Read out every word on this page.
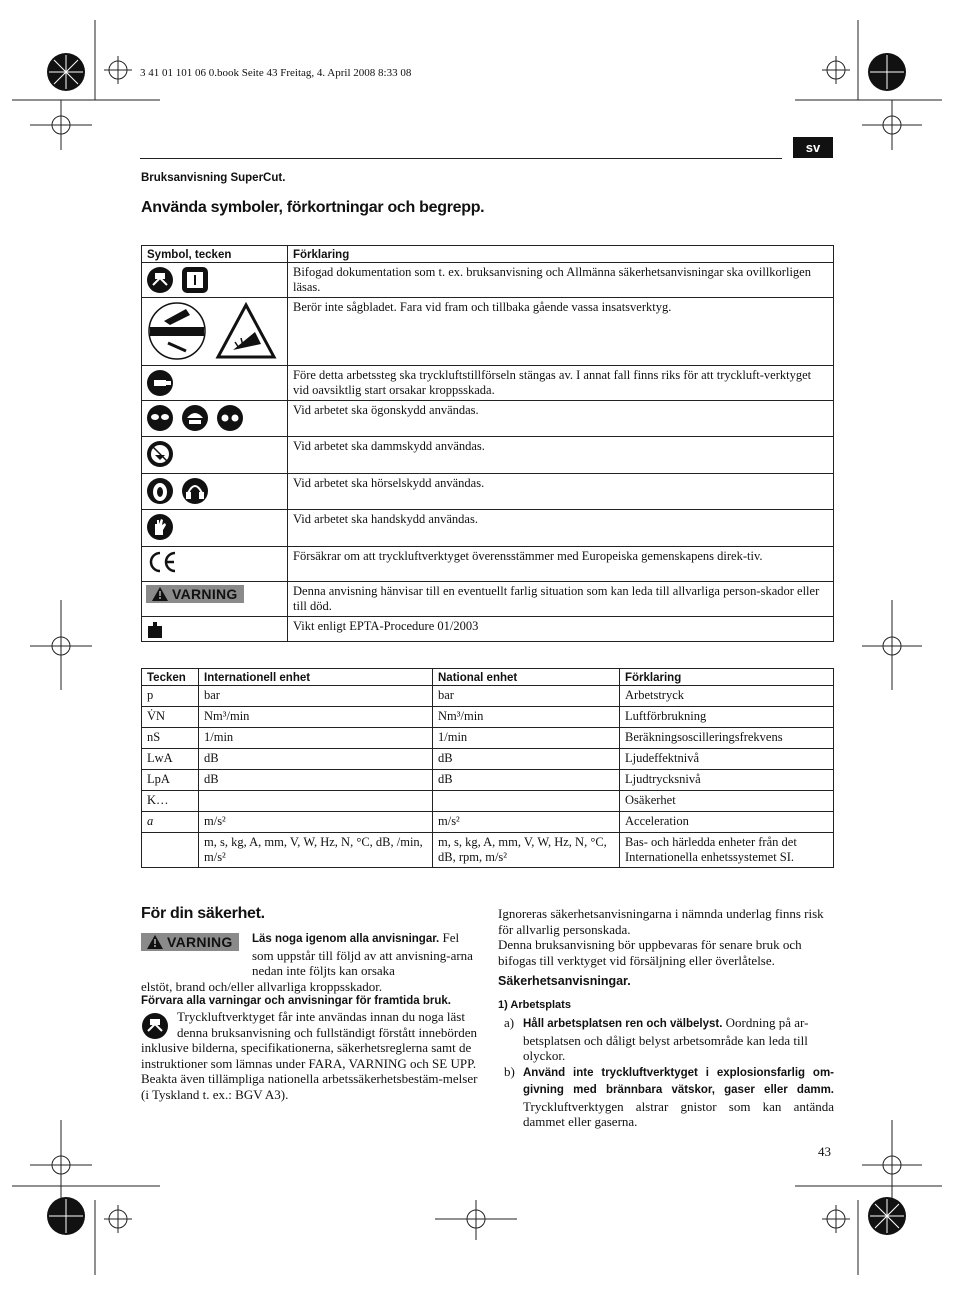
3 41 01 101 06 0.book Seite 43 Freitag, 4. April 2008 8:33 08
sv
Bruksanvisning SuperCut.
Använda symboler, förkortningar och begrepp.
Symbol, tecken	Förklaring
	Bifogad dokumentation som t. ex. bruksanvisning och Allmänna säkerhetsanvisningar ska ovillkorligen läsas.
	Berör inte sågbladet. Fara vid fram och tillbaka gående vassa insatsverktyg.
	Före detta arbetssteg ska tryckluftstillförseln stängas av. I annat fall finns riks för att tryckluft-verktyget vid oavsiktlig start orsakar kroppsskada.
	Vid arbetet ska ögonskydd användas.
	Vid arbetet ska dammskydd användas.
	Vid arbetet ska hörselskydd användas.
	Vid arbetet ska handskydd användas.
	Försäkrar om att tryckluftverktyget överensstämmer med Europeiska gemenskapens direk-tiv.

VARNING	Denna anvisning hänvisar till en eventuellt farlig situation som kan leda till allvarliga person-skador eller till död.
	Vikt enligt EPTA-Procedure 01/2003
Tecken	Internationell enhet	National enhet	Förklaring
p	bar	bar	Arbetstryck
V̇N	Nm³/min	Nm³/min	Luftförbrukning
nS	1/min	1/min	Beräkningsoscilleringsfrekvens
LwA	dB	dB	Ljudeffektnivå
LpA	dB	dB	Ljudtrycksnivå
K…			Osäkerhet
a	m/s²	m/s²	Acceleration
	m, s, kg, A, mm, V, W, Hz, N, °C, dB, /min, m/s²	m, s, kg, A, mm, V, W, Hz, N, °C, dB, rpm, m/s²	Bas- och härledda enheter från det Internationella enhetssystemet SI.
För din säkerhet.
VARNING Läs noga igenom alla anvisningar. Fel som uppstår till följd av att anvisning-arna nedan inte följts kan orsaka

elstöt, brand och/eller allvarliga kroppsskador.

Förvara alla varningar och anvisningar för framtida bruk.

Tryckluftverktyget får inte användas innan du noga läst denna bruksanvisning och fullständigt förstått innebörden inklusive bilderna, specifikationerna, säkerhetsreglerna samt de instruktioner som lämnas under FARA, VARNING och SE UPP.

Beakta även tillämpliga nationella arbetssäkerhetsbestäm-melser (i Tyskland t. ex.: BGV A3).

Ignoreras säkerhetsanvisningarna i nämnda underlag finns risk för allvarlig personskada.

Denna bruksanvisning bör uppbevaras för senare bruk och bifogas till verktyget vid försäljning eller överlåtelse.

Säkerhetsanvisningar.

1) Arbetsplats

a) Håll arbetsplatsen ren och välbelyst. Oordning på ar-betsplatsen och dåligt belyst arbetsområde kan leda till olyckor.

b) Använd inte tryckluftverktyget i explosionsfarlig om-givning med brännbara vätskor, gaser eller damm. Tryckluftverktygen alstrar gnistor som kan antända dammet eller gaserna.

43
